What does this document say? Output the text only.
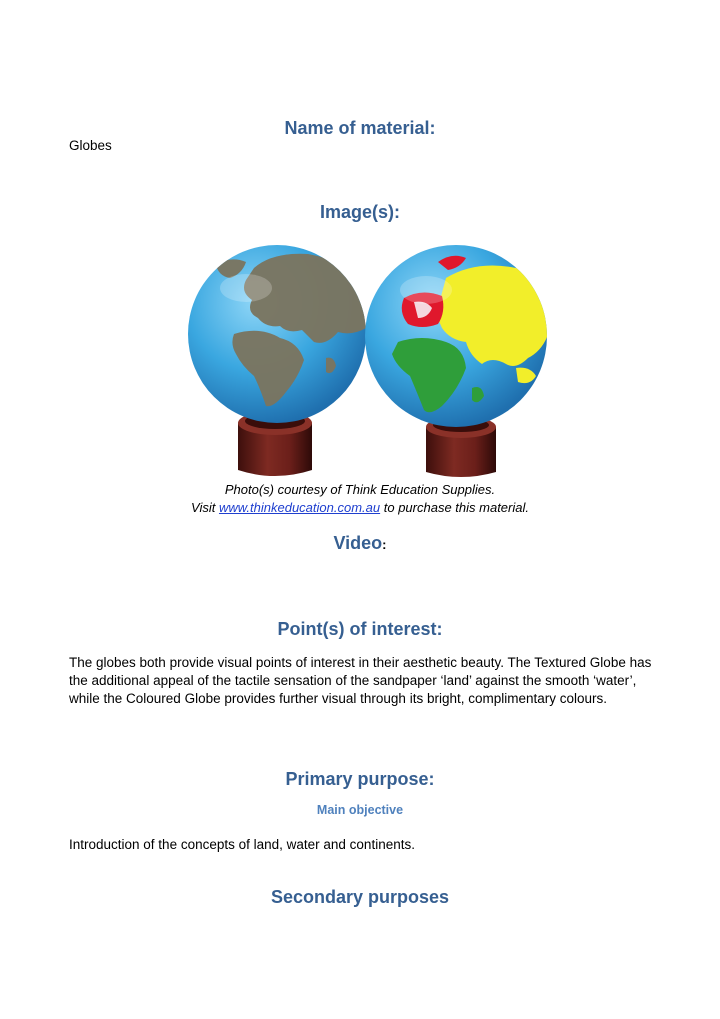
Name of material:
Globes
Image(s):
Photo(s) courtesy of Think Education Supplies.
Visit www.thinkeducation.com.au to purchase this material.
Video:
Point(s) of interest:
The globes both provide visual points of interest in their aesthetic beauty. The Textured Globe has the additional appeal of the tactile sensation of the sandpaper ‘land’ against the smooth ‘water’, while the Coloured Globe provides further visual through its bright, complimentary colours.
Primary purpose:
Main objective
Introduction of the concepts of land, water and continents.
Secondary purposes
